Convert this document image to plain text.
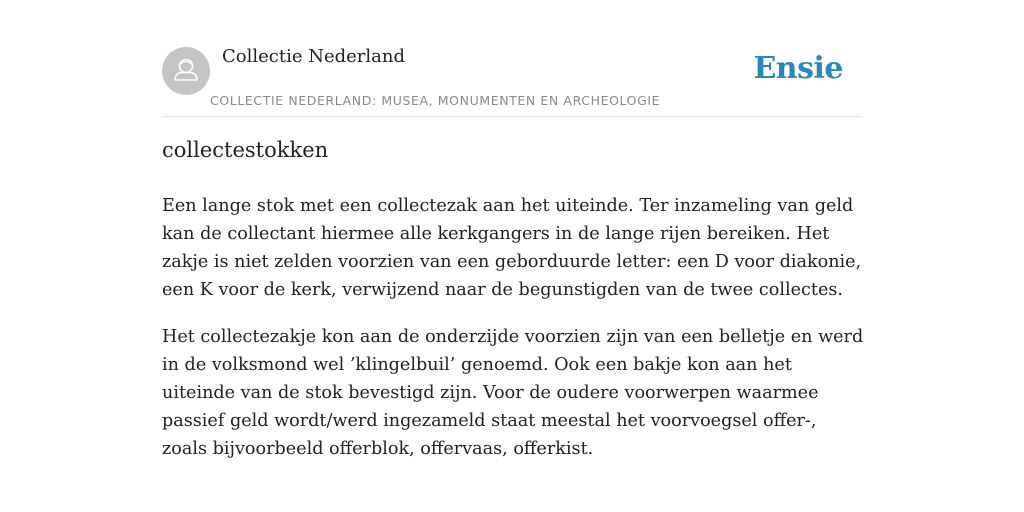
Collectie Nederland
COLLECTIE NEDERLAND: MUSEA, MONUMENTEN EN ARCHEOLOGIE
Ensie
collectestokken

Een lange stok met een collectezak aan het uiteinde. Ter inzameling van geld kan de collectant hiermee alle kerkgangers in de lange rijen bereiken. Het zakje is niet zelden voorzien van een geborduurde letter: een D voor diakonie, een K voor de kerk, verwijzend naar de begunstigden van de twee collectes.

Het collectezakje kon aan de onderzijde voorzien zijn van een belletje en werd in de volksmond wel ’klingelbuil’ genoemd. Ook een bakje kon aan het uiteinde van de stok bevestigd zijn. Voor de oudere voorwerpen waarmee passief geld wordt/werd ingezameld staat meestal het voorvoegsel offer-, zoals bijvoorbeeld offerblok, offervaas, offerkist.
